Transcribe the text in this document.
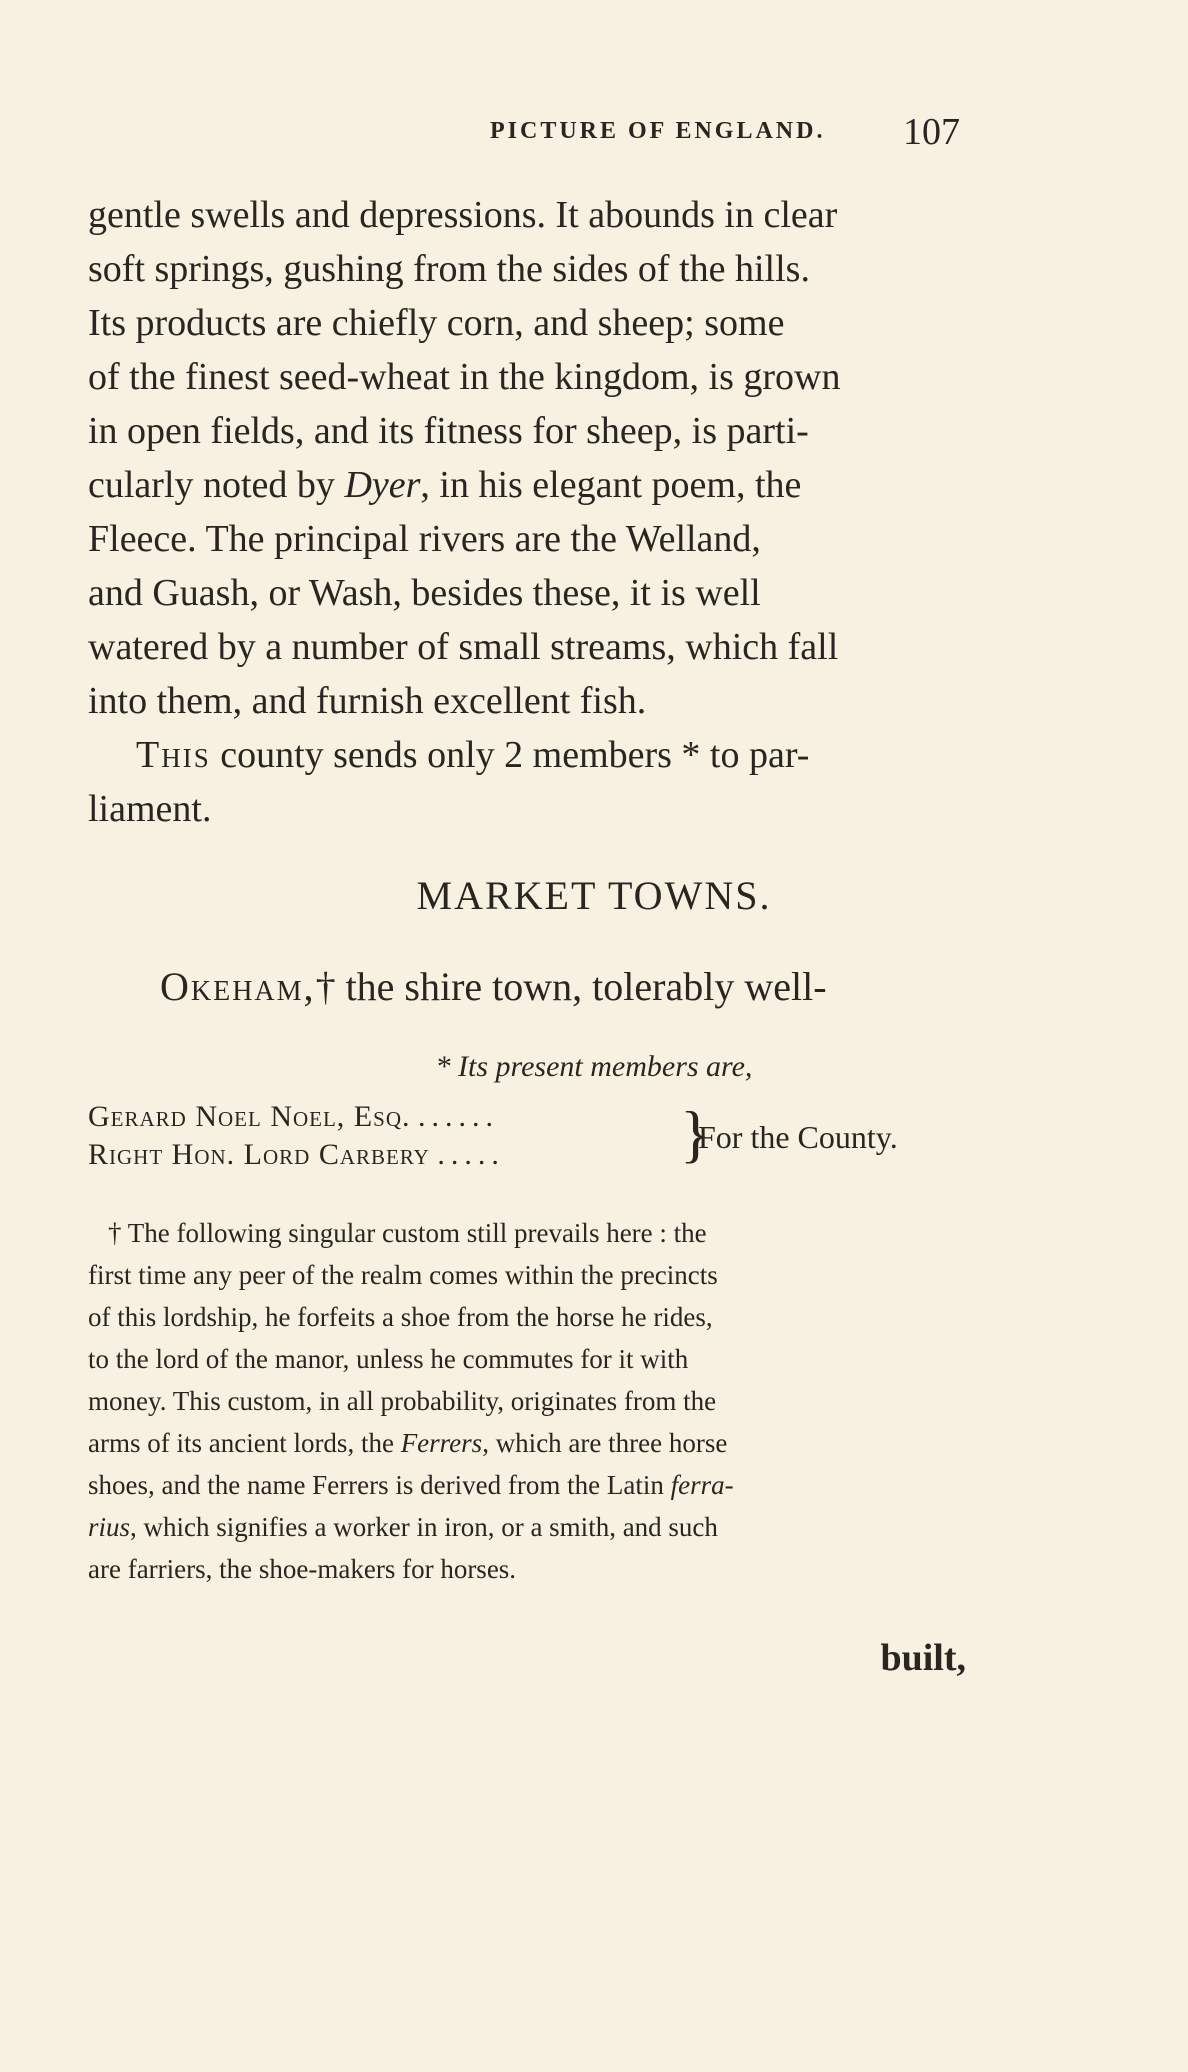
PICTURE OF ENGLAND. 107
gentle swells and depressions. It abounds in clear
soft springs, gushing from the sides of the hills.
Its products are chiefly corn, and sheep; some
of the finest seed-wheat in the kingdom, is grown
in open fields, and its fitness for sheep, is parti-
cularly noted by Dyer, in his elegant poem, the
Fleece. The principal rivers are the Welland,
and Guash, or Wash, besides these, it is well
watered by a number of small streams, which fall
into them, and furnish excellent fish.
This county sends only 2 members * to par-
liament.
MARKET TOWNS.
Okeham,† the shire town, tolerably well-
* Its present members are,
Gerard Noel Noel, Esq. ......
Right Hon. Lord Carbery .....	}
For the County.
† The following singular custom still prevails here : the
first time any peer of the realm comes within the precincts
of this lordship, he forfeits a shoe from the horse he rides,
to the lord of the manor, unless he commutes for it with
money. This custom, in all probability, originates from the
arms of its ancient lords, the Ferrers, which are three horse
shoes, and the name Ferrers is derived from the Latin ferra-
rius, which signifies a worker in iron, or a smith, and such
are farriers, the shoe-makers for horses.
built,
